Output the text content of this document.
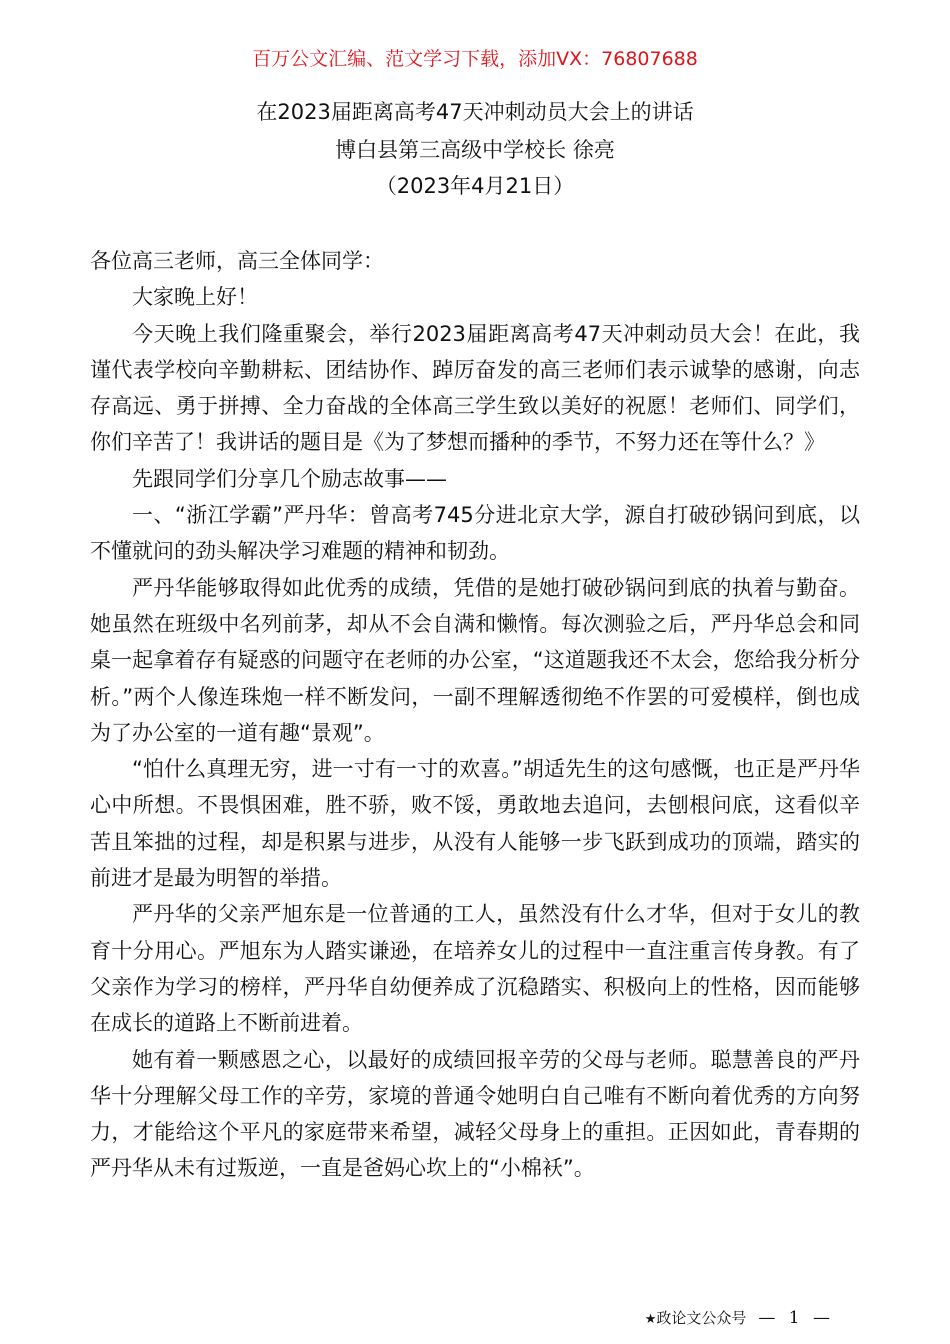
百万公文汇编、范文学习下载，添加VX：76807688
在2023届距离高考47天冲刺动员大会上的讲话
博白县第三高级中学校长 徐亮
（2023年4月21日）

各位高三老师，高三全体同学：

大家晚上好！

今天晚上我们隆重聚会，举行2023届距离高考47天冲刺动员大会！在此，我谨代表学校向辛勤耕耘、团结协作、踔厉奋发的高三老师们表示诚挚的感谢，向志存高远、勇于拼搏、全力奋战的全体高三学生致以美好的祝愿！老师们、同学们，你们辛苦了！我讲话的题目是《为了梦想而播种的季节，不努力还在等什么？》

先跟同学们分享几个励志故事——

一、“浙江学霸”严丹华：曾高考745分进北京大学，源自打破砂锅问到底，以不懂就问的劲头解决学习难题的精神和韧劲。

严丹华能够取得如此优秀的成绩，凭借的是她打破砂锅问到底的执着与勤奋。她虽然在班级中名列前茅，却从不会自满和懒惰。每次测验之后，严丹华总会和同桌一起拿着存有疑惑的问题守在老师的办公室，“这道题我还不太会，您给我分析分析。”两个人像连珠炮一样不断发问，一副不理解透彻绝不作罢的可爱模样，倒也成为了办公室的一道有趣“景观”。

“怕什么真理无穷，进一寸有一寸的欢喜。”胡适先生的这句感慨，也正是严丹华心中所想。不畏惧困难，胜不骄，败不馁，勇敢地去追问，去刨根问底，这看似辛苦且笨拙的过程，却是积累与进步，从没有人能够一步飞跃到成功的顶端，踏实的前进才是最为明智的举措。

严丹华的父亲严旭东是一位普通的工人，虽然没有什么才华，但对于女儿的教育十分用心。严旭东为人踏实谦逊，在培养女儿的过程中一直注重言传身教。有了父亲作为学习的榜样，严丹华自幼便养成了沉稳踏实、积极向上的性格，因而能够在成长的道路上不断前进着。

她有着一颗感恩之心，以最好的成绩回报辛劳的父母与老师。聪慧善良的严丹华十分理解父母工作的辛劳，家境的普通令她明白自己唯有不断向着优秀的方向努力，才能给这个平凡的家庭带来希望，减轻父母身上的重担。正因如此，青春期的严丹华从未有过叛逆，一直是爸妈心坎上的“小棉袄”。

★政论文公众号 — 1 —
